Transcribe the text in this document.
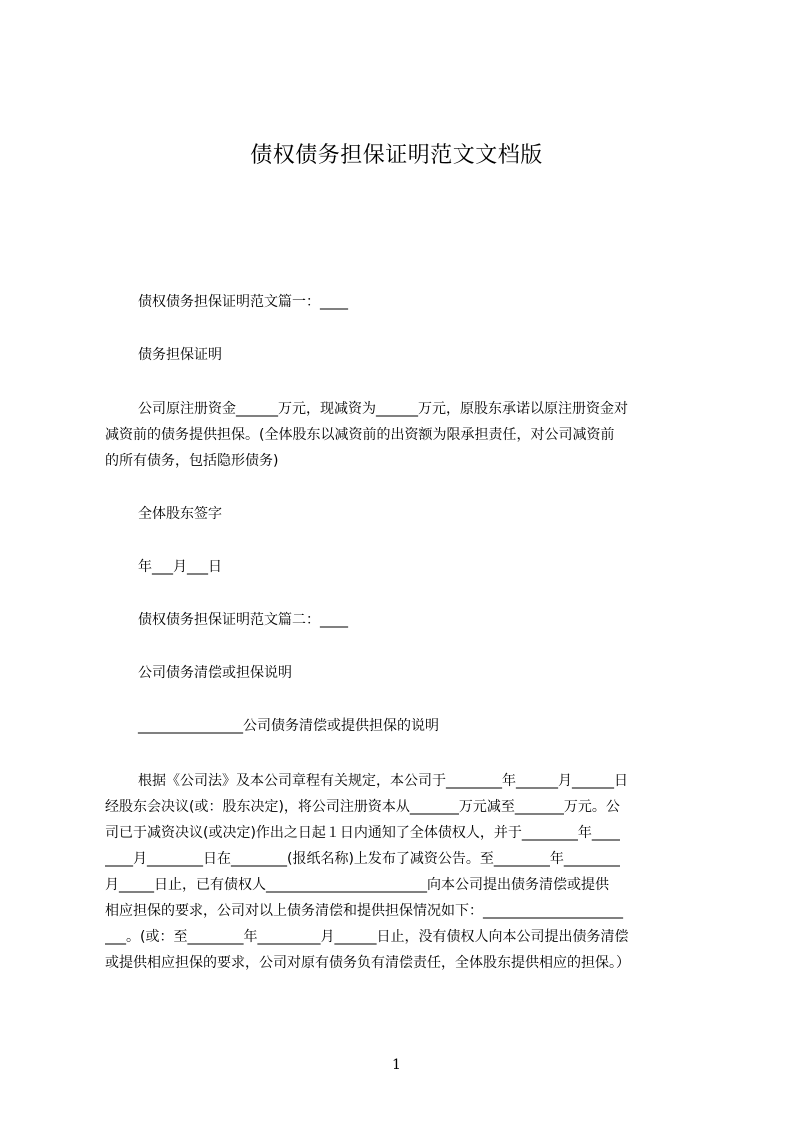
债权债务担保证明范文文档版
债权债务担保证明范文篇一：____
债务担保证明
公司原注册资金______万元，现减资为______万元，原股东承诺以原注册资金对
减资前的债务提供担保。(全体股东以减资前的出资额为限承担责任，对公司减资前
的所有债务，包括隐形债务)
全体股东签字
年___月___日
债权债务担保证明范文篇二：____
公司债务清偿或担保说明
_______________公司债务清偿或提供担保的说明
根据《公司法》及本公司章程有关规定，本公司于________年______月______日
经股东会决议(或：股东决定)，将公司注册资本从_______万元减至_______万元。公
司已于减资决议(或决定)作出之日起１日内通知了全体债权人，并于________年____
____月________日在________(报纸名称)上发布了减资公告。至________年________
月_____日止，已有债权人_______________________向本公司提出债务清偿或提供
相应担保的要求，公司对以上债务清偿和提供担保情况如下：____________________
___。(或：至________年_________月______日止，没有债权人向本公司提出债务清偿
或提供相应担保的要求，公司对原有债务负有清偿责任，全体股东提供相应的担保。）
1
